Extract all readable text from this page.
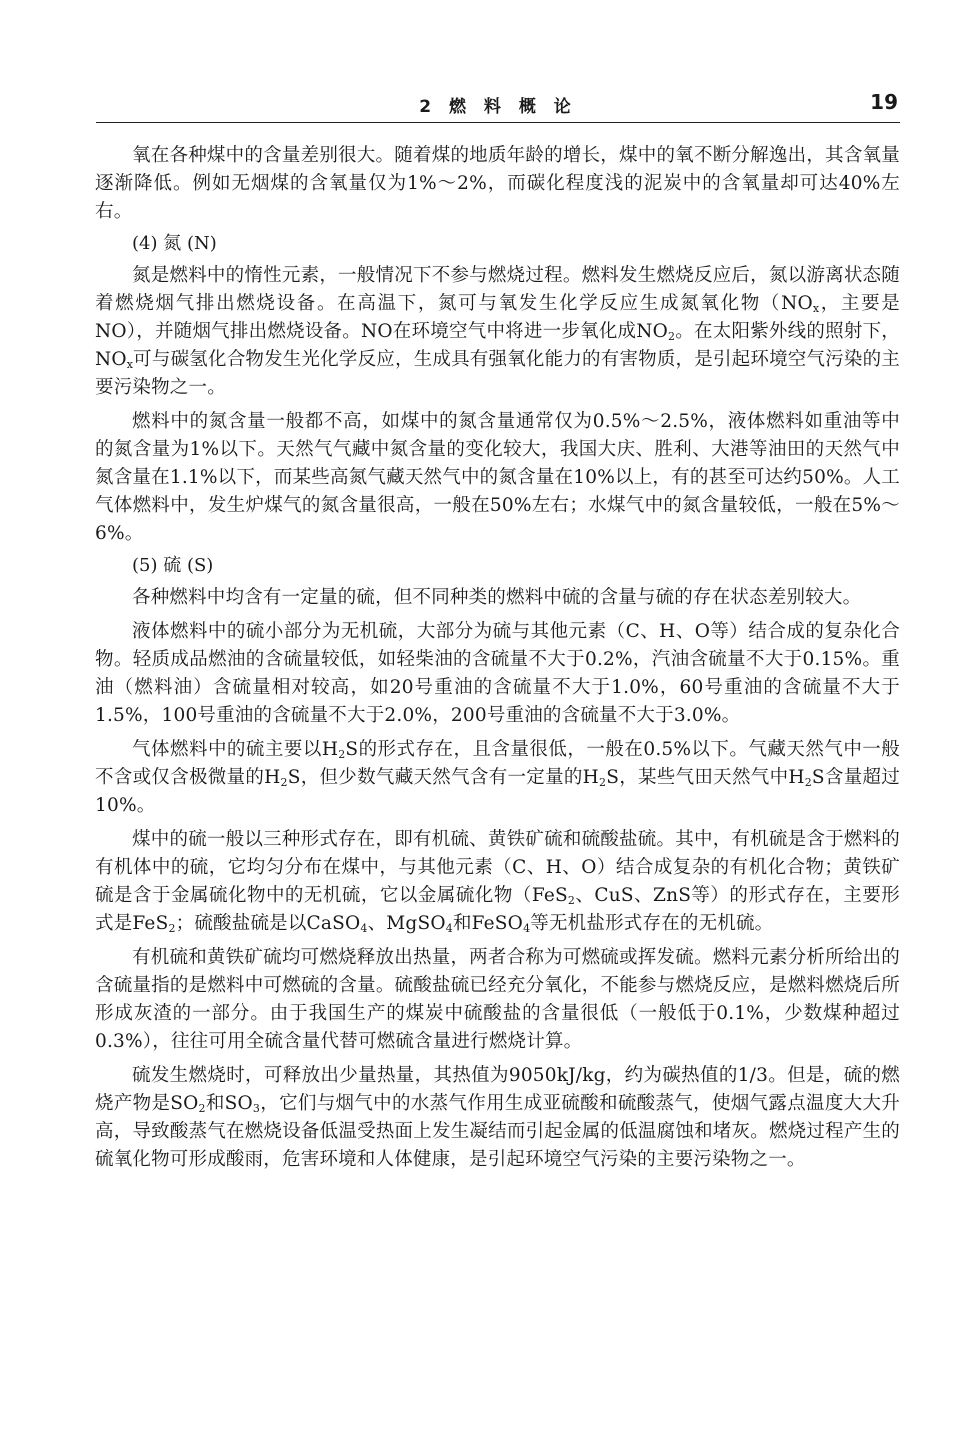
2 燃 料 概 论	19

氧在各种煤中的含量差别很大。随着煤的地质年龄的增长，煤中的氧不断分解逸出，其含氧量逐渐降低。例如无烟煤的含氧量仅为1%～2%，而碳化程度浅的泥炭中的含氧量却可达40%左右。

(4) 氮 (N)

氮是燃料中的惰性元素，一般情况下不参与燃烧过程。燃料发生燃烧反应后，氮以游离状态随着燃烧烟气排出燃烧设备。在高温下，氮可与氧发生化学反应生成氮氧化物（$NO_x$，主要是NO），并随烟气排出燃烧设备。NO在环境空气中将进一步氧化成$NO_2$。在太阳紫外线的照射下，$NO_x$可与碳氢化合物发生光化学反应，生成具有强氧化能力的有害物质，是引起环境空气污染的主要污染物之一。

燃料中的氮含量一般都不高，如煤中的氮含量通常仅为0.5%～2.5%，液体燃料如重油等中的氮含量为1%以下。天然气气藏中氮含量的变化较大，我国大庆、胜利、大港等油田的天然气中氮含量在1.1%以下，而某些高氮气藏天然气中的氮含量在10%以上，有的甚至可达约50%。人工气体燃料中，发生炉煤气的氮含量很高，一般在50%左右；水煤气中的氮含量较低，一般在5%～6%。

(5) 硫 (S)

各种燃料中均含有一定量的硫，但不同种类的燃料中硫的含量与硫的存在状态差别较大。

液体燃料中的硫小部分为无机硫，大部分为硫与其他元素（C、H、O等）结合成的复杂化合物。轻质成品燃油的含硫量较低，如轻柴油的含硫量不大于0.2%，汽油含硫量不大于0.15%。重油（燃料油）含硫量相对较高，如20号重油的含硫量不大于1.0%，60号重油的含硫量不大于1.5%，100号重油的含硫量不大于2.0%，200号重油的含硫量不大于3.0%。

气体燃料中的硫主要以$H_2S$的形式存在，且含量很低，一般在0.5%以下。气藏天然气中一般不含或仅含极微量的$H_2S$，但少数气藏天然气含有一定量的$H_2S$，某些气田天然气中$H_2S$含量超过10%。

煤中的硫一般以三种形式存在，即有机硫、黄铁矿硫和硫酸盐硫。其中，有机硫是含于燃料的有机体中的硫，它均匀分布在煤中，与其他元素（C、H、O）结合成复杂的有机化合物；黄铁矿硫是含于金属硫化物中的无机硫，它以金属硫化物（FeS$_2$、CuS、ZnS等）的形式存在，主要形式是FeS$_2$；硫酸盐硫是以CaSO$_4$、MgSO$_4$和FeSO$_4$等无机盐形式存在的无机硫。

有机硫和黄铁矿硫均可燃烧释放出热量，两者合称为可燃硫或挥发硫。燃料元素分析所给出的含硫量指的是燃料中可燃硫的含量。硫酸盐硫已经充分氧化，不能参与燃烧反应，是燃料燃烧后所形成灰渣的一部分。由于我国生产的煤炭中硫酸盐的含量很低（一般低于0.1%，少数煤种超过0.3%），往往可用全硫含量代替可燃硫含量进行燃烧计算。

硫发生燃烧时，可释放出少量热量，其热值为9050kJ/kg，约为碳热值的1/3。但是，硫的燃烧产物是$SO_2$和$SO_3$，它们与烟气中的水蒸气作用生成亚硫酸和硫酸蒸气，使烟气露点温度大大升高，导致酸蒸气在燃烧设备低温受热面上发生凝结而引起金属的低温腐蚀和堵灰。燃烧过程产生的硫氧化物可形成酸雨，危害环境和人体健康，是引起环境空气污染的主要污染物之一。
